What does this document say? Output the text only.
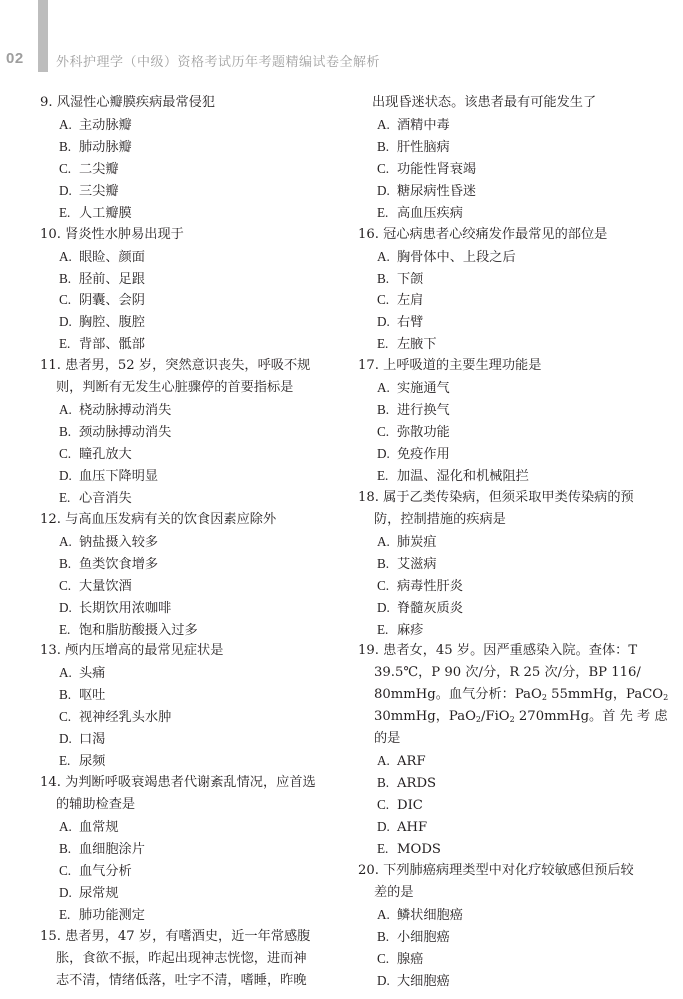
02 外科护理学（中级）资格考试历年考题精编试卷全解析
9. 风湿性心瓣膜疾病最常侵犯
A. 主动脉瓣
B. 肺动脉瓣
C. 二尖瓣
D. 三尖瓣
E. 人工瓣膜
10. 肾炎性水肿易出现于
A. 眼睑、颜面
B. 胫前、足跟
C. 阴囊、会阴
D. 胸腔、腹腔
E. 背部、骶部
11. 患者男，52 岁，突然意识丧失，呼吸不规
则，判断有无发生心脏骤停的首要指标是
A. 桡动脉搏动消失
B. 颈动脉搏动消失
C. 瞳孔放大
D. 血压下降明显
E. 心音消失
12. 与高血压发病有关的饮食因素应除外
A. 钠盐摄入较多
B. 鱼类饮食增多
C. 大量饮酒
D. 长期饮用浓咖啡
E. 饱和脂肪酸摄入过多
13. 颅内压增高的最常见症状是
A. 头痛
B. 呕吐
C. 视神经乳头水肿
D. 口渴
E. 尿频
14. 为判断呼吸衰竭患者代谢紊乱情况，应首选
的辅助检查是
A. 血常规
B. 血细胞涂片
C. 血气分析
D. 尿常规
E. 肺功能测定
15. 患者男，47 岁，有嗜酒史，近一年常感腹
胀，食欲不振，昨起出现神志恍惚，进而神
志不清，情绪低落，吐字不清，嗜睡，昨晚
出现昏迷状态。该患者最有可能发生了
A. 酒精中毒
B. 肝性脑病
C. 功能性肾衰竭
D. 糖尿病性昏迷
E. 高血压疾病
16. 冠心病患者心绞痛发作最常见的部位是
A. 胸骨体中、上段之后
B. 下颌
C. 左肩
D. 右臂
E. 左腋下
17. 上呼吸道的主要生理功能是
A. 实施通气
B. 进行换气
C. 弥散功能
D. 免疫作用
E. 加温、湿化和机械阻拦
18. 属于乙类传染病，但须采取甲类传染病的预
防，控制措施的疾病是
A. 肺炭疽
B. 艾滋病
C. 病毒性肝炎
D. 脊髓灰质炎
E. 麻疹
19. 患者女，45 岁。因严重感染入院。查体：T
39.5℃，P 90 次/分，R 25 次/分，BP 116/
80mmHg。血气分析：PaO$_2$ 55mmHg，PaCO$_2$
30mmHg，PaO$_2$/FiO$_2$ 270mmHg。首 先 考 虑
的是
A. ARF
B. ARDS
C. DIC
D. AHF
E. MODS
20. 下列肺癌病理类型中对化疗较敏感但预后较
差的是
A. 鳞状细胞癌
B. 小细胞癌
C. 腺癌
D. 大细胞癌
